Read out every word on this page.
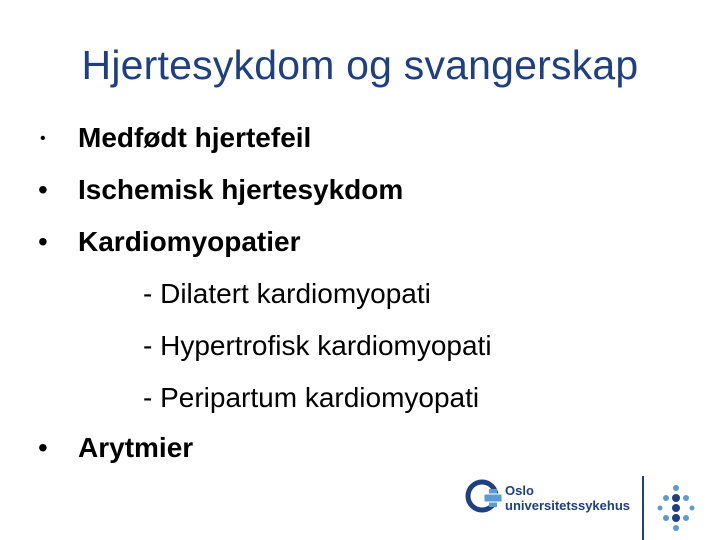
Hjertesykdom og svangerskap
•	Medfødt hjertefeil
•	Ischemisk hjertesykdom
•	Kardiomyopatier
- Dilatert kardiomyopati
- Hypertrofisk kardiomyopati
- Peripartum kardiomyopati
•	Arytmier
Oslo
universitetssykehus
